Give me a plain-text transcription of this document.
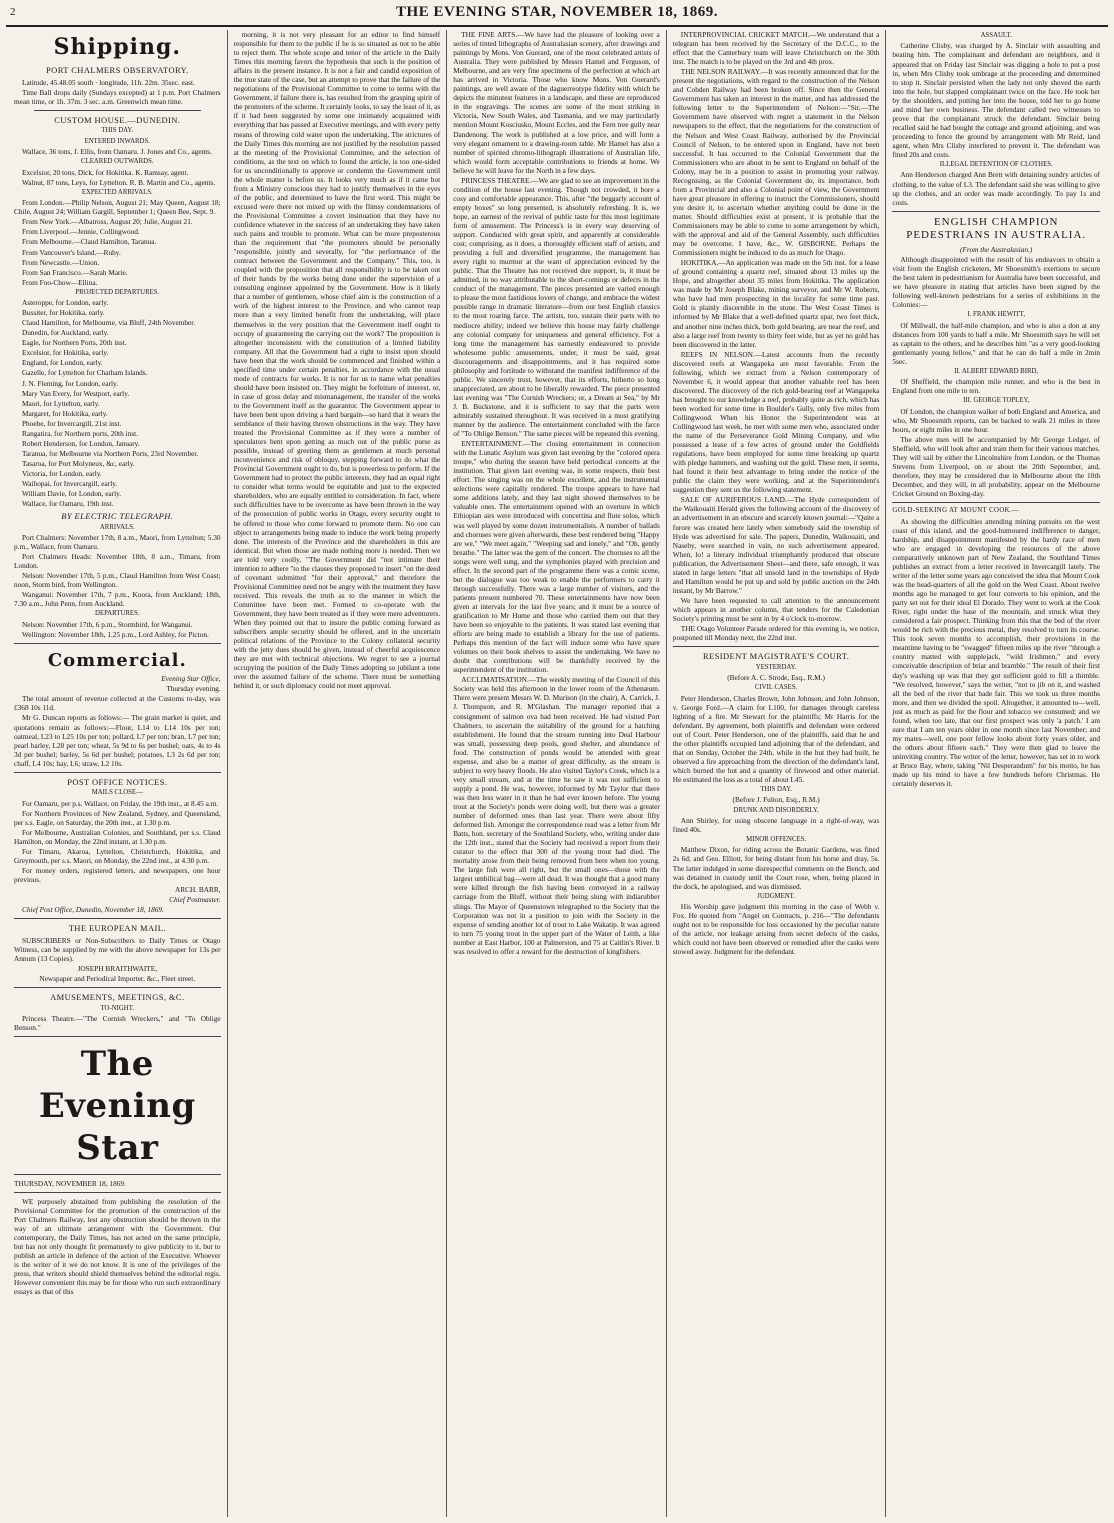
2	THE EVENING STAR, NOVEMBER 18, 1869.
Shipping.
PORT CHALMERS OBSERVATORY.

Latitude, 45.48.05 south · longitude, 11h. 22m. 35sec. east.

Time Ball drops daily (Sundays excepted) at 1 p.m. Port Chalmers mean time, or 1h. 37m. 3 sec. a.m. Greenwich mean time.

CUSTOM HOUSE.—DUNEDIN.
THIS DAY.
ENTERED INWARDS.

Wallace, 36 tons, J. Ellis, from Oamaru. J. Jones and Co., agents.

CLEARED OUTWARDS.

Excelsior, 20 tons, Dick, for Hokitika. K. Ramsay, agent.

Walnut, 87 tons, Leys, for Lyttelton. R. B. Martin and Co., agents.

EXPECTED ARRIVALS.

From London.—Philip Nelson, August 21; May Queen, August 18; Chile, August 24; William Gargill, September 1; Queen Bee, Sept. 9.

From New York.—Albatross, August 20; Julie, August 21.

From Liverpool.—Jennie, Collingwood.

From Melbourne.—Claud Hamilton, Taranua.

From Vancouver's Island.—Ruby.

From Newcastle.—Union.

From San Francisco.—Sarah Marie.

From Foo-Chow—Ellina.

PROJECTED DEPARTURES.

Asteroppe, for London, early.

Bussiter, for Hokitika, early.

Claud Hamilton, for Melbourne, via Bluff, 24th November.

Dunedin, for Auckland, early.

Eagle, for Northern Ports, 20th inst.

Excelsior, for Hokitika, early.

England, for London, early.

Gazelle, for Lyttelton for Chatham Islands.

J. N. Fleming, for London, early.

Mary Van Every, for Westport, early.

Maori, for Lyttelton, early.

Margaret, for Hokitika, early.

Phoebe, for Invercargill, 21st inst.

Rangatira, for Northern ports, 20th inst.

Robert Henderson, for London, January.

Taranua, for Melbourne via Northern Ports, 23rd November.

Tasaroa, for Port Molyneux, &c, early.

Victoria, for London, early.

Waihopai, for Invercargill, early.

William Davie, for London, early.

Wallace, for Oamaru, 19th inst.

BY ELECTRIC TELEGRAPH.
ARRIVALS.

Port Chalmers: November 17th, 8 a.m., Maori, from Lyttelton; 5.30 p.m., Wallace, from Oamaru.

Port Chalmers Heads: November 18th, 8 a.m., Timaru, from London.

Nelson: November 17th, 5 p.m., Claud Hamilton from West Coast; noon, Storm bird, from Wellington.

Wanganui: November 17th, 7 p.m., Koora, from Auckland; 18th, 7.30 a.m., John Penn, from Auckland.

DEPARTURES.

Nelson: November 17th, 6 p.m., Stormbird, for Wanganui.

Wellington: November 18th, 1.25 p.m., Lord Ashley, for Picton.

Commercial.

Evening Star Office,

Thursday evening.

The total amount of revenue collected at the Customs to-day, was £368 10s 11d.

Mr G. Duncan reports as follows:— The grain market is quiet, and quotations remain as follows:—Flour, L14 to L14 10s per ton; oatmeal, L23 to L25 10s per ton; pollard, L7 per ton; bran, L7 per ton; pearl barley, L28 per ton; wheat, 5s 9d to 6s per bushel; oats, 4s to 4s 3d per bushel; barley, 5s 6d per bushel; potatoes, L3 2s 6d per ton; chaff, L4 10s; hay, L6; straw, L2 10s.

POST OFFICE NOTICES.
MAILS CLOSE—

For Oamaru, per p.s. Wallace, on Friday, the 19th inst., at 8.45 a.m.

For Northern Provinces of New Zealand, Sydney, and Queensland, per s.s. Eagle, on Saturday, the 20th inst., at 1.30 p.m.

For Melbourne, Australian Colonies, and Southland, per s.s. Claud Hamilton, on Monday, the 22nd instant, at 1.30 p.m.

For Timaru, Akaroa, Lyttelton, Christchurch, Hokitika, and Greymouth, per s.s. Maori, on Monday, the 22nd inst., at 4.30 p.m.

For money orders, registered letters, and newspapers, one hour previous.

ARCH. BARR,

Chief Postmaster.

Chief Post Office, Dunedin, November 18, 1869.

THE EUROPEAN MAIL.

SUBSCRIBERS or Non-Subscribers to Daily Times or Otago Witness, can be supplied by me with the above newspaper for 13s per Annum (13 Copies).

JOSEPH BRAITHWAITE,

Newspaper and Periodical Importer, &c., Fleet street.

AMUSEMENTS, MEETINGS, &C.
TO-NIGHT.

Princess Theatre.—"The Cornish Wreckers," and "To Oblige Benson."

The Evening Star

THURSDAY, NOVEMBER 18, 1869.

WE purposely abstained from publishing the resolution of the Provisional Committee for the promotion of the construction of the Port Chalmers Railway, lest any obstruction should be thrown in the way of an ultimate arrangement with the Government. Our contemporary, the Daily Times, has not acted on the same principle, but has not only thought fit prematurely to give publicity to it, but to publish an article in defence of the action of the Executive. Whoever is the writer of it we do not know. It is one of the privileges of the press, that writers should shield themselves behind the editorial regis. However convenient this may be for those who run such extraordinary essays as that of this

morning, it is not very pleasant for an editor to find himself responsible for them to the public if he is so situated as not to be able to reject them. The whole scope and tenor of the article in the Daily Times this morning favors the hypothesis that such is the position of affairs in the present instance. It is not a fair and candid exposition of the true state of the case, but an attempt to prove that the failure of the negotiations of the Provisional Committee to come to terms with the Government, if failure there is, has resulted from the grasping spirit of the promoters of the scheme. It certainly looks, to say the least of it, as if it had been suggested by some one intimately acquainted with everything that has passed at Executive meetings, and with every petty means of throwing cold water upon the undertaking. The strictures of the Daily Times this morning are not justified by the resolution passed at the meeting of the Provisional Committee, and the selection of conditions, as the text on which to found the article, is too one-sided for us unconditionally to approve or condemn the Government until the whole matter is before us. It looks very much as if it came hot from a Ministry conscious they had to justify themselves in the eyes of the public, and determined to have the first word. This might be excused were there not mixed up with the flimsy condemnations of the Provisional Committee a covert insinuation that they have no confidence whatever in the success of an undertaking they have taken such pains and trouble to promote. What can be more preposterous than the requirement that "the promoters should be personally "responsible, jointly and severally, for "the performance of the contract between the Government and the Company." This, too, is coupled with the proposition that all responsibility is to be taken out of their hands by the works being done under the supervision of a consulting engineer appointed by the Government. How is it likely that a number of gentlemen, whose chief aim is the construction of a work of the highest interest to the Province, and who cannot reap more than a very limited benefit from the undertaking, will place themselves in the very position that the Government itself ought to occupy of guaranteeing the carrying out the work? The proposition is altogether inconsistent with the constitution of a limited liability company. All that the Government had a right to insist upon should have been that the work should be commenced and finished within a specified time under certain penalties, in accordance with the usual mode of contracts for works. It is not for us to name what penalties should have been insisted on. They might be forfeiture of interest, or, in case of gross delay and mismanagement, the transfer of the works to the Government itself as the guarantor. The Government appear to have been bent upon driving a hard bargain—so hard that it wears the semblance of their having thrown obstructions in the way. They have treated the Provisional Committee as if they were a number of speculators bent upon getting as much out of the public purse as possible, instead of greeting them as gentlemen at much personal inconvenience and risk of obloquy, stepping forward to do what the Provincial Government ought to do, but is powerless to perform. If the Government had to protect the public interests, they had an equal right to consider what terms would be equitable and just to the expected shareholders, who are equally entitled to consideration. In fact, where such difficulties have to be overcome as have been thrown in the way of the prosecution of public works in Otago, every security ought to be offered to those who come forward to promote them. No one can object to arrangements being made to induce the work being properly done. The interests of the Province and the shareholders in this are identical. But when those are made nothing more is needed. Then we are told very coolly, "The Government did "not intimate their intention to adhere "to the clauses they proposed to insert "on the deed of covenant submitted "for their approval," and therefore the Provisional Committee need not be angry with the treatment they have received. This reveals the truth as to the manner in which the Committee have been met. Formed to co-operate with the Government, they have been treated as if they were mere adventurers. When they pointed out that to insure the public coming forward as subscribers ample security should be offered, and in the uncertain political relations of the Province to the Colony collateral security with the jetty dues should be given, instead of cheerful acquiescence they are met with technical objections. We regret to see a journal occupying the position of the Daily Times adopting so jubilant a tone over the assumed failure of the scheme. There must be something behind it, or such diplomacy could not meet approval.

THE FINE ARTS.—We have had the pleasure of looking over a series of tinted lithographs of Australasian scenery, after drawings and paintings by Mons. Von Guerard, one of the most celebrated artists of Australia. They were published by Messrs Hamel and Ferguson, of Melbourne, and are very fine specimens of the perfection at which art has arrived in Victoria. Those who know Mons. Von Guerard's paintings, are well aware of the daguerreotype fidelity with which he depicts the minutest features in a landscape, and these are reproduced in the engravings. The scenes are some of the most striking in Victoria, New South Wales, and Tasmania, and we may particularly mention Mount Kosciusko, Mount Eccles, and the Fern tree gully near Dandenong. The work is published at a low price, and will form a very elegant ornament to a drawing-room table. Mr Hamel has also a number of spirited chromo-lithograph illustrations of Australian life, which would form acceptable contributions to friends at home. We believe he will leave for the North in a few days.

PRINCESS THEATRE.—We are glad to see an improvement in the condition of the house last evening. Though not crowded, it bore a cosy and comfortable appearance. This, after "the beggarly account of empty boxes" so long presented, is absolutely refreshing. It is, we hope, an earnest of the revival of public taste for this most legitimate form of amusement. The Princess's is in every way deserving of support. Conducted with great spirit, and apparently at considerable cost; comprising, as it does, a thoroughly efficient staff of artists, and providing a full and diversified programme, the management has every right to murmur at the want of appreciation evinced by the public. That the Theatre has not received due support, is, it must be admitted, in no way attributable to the short-comings or defects in the conduct of the management. The pieces presented are varied enough to please the most fastidious lovers of change, and embrace the widest possible range in dramatic literature—from our best English classics to the most roaring farce. The artists, too, sustain their parts with no mediocre ability; indeed we believe this house may fairly challenge any colonial company for uniqueness and general efficiency. For a long time the management has earnestly endeavored to provide wholesome public amusements, under, it must be said, great discouragements and disappointments, and it has required some philosophy and fortitude to withstand the manifest indifference of the public. We sincerely trust, however, that its efforts, hitherto so long unappreciated, are about to be liberally rewarded. The piece presented last evening was "The Cornish Wreckers; or, a Dream at Sea," by Mr J. B. Buckstone, and it is sufficient to say that the parts were admirably sustained throughout. It was received in a most gratifying manner by the audience. The entertainment concluded with the farce of "To Oblige Benson." The same pieces will be repeated this evening.

ENTERTAINMENT.—The closing entertainment in connection with the Lunatic Asylum was given last evening by the "colored opera troupe," who during the season have held periodical concerts at the institution. That given last evening was, in some respects, their best effort. The singing was on the whole excellent, and the instrumental selections were capitally rendered. The troupe appears to have had some additions lately, and they last night showed themselves to be valuable ones. The entertainment opened with an overture in which Ethiopian airs were introduced with concertina and flute solos, which was well played by some dozen instrumentalists. A number of ballads and choruses were given afterwards, these best rendered being "Happy are we," "We meet again," "Weeping sad and lonely," and "Oh, gently breathe." The latter was the gem of the concert. The choruses to all the songs were well sung, and the symphonies played with precision and effect. In the second part of the programme there was a comic scene, but the dialogue was too weak to enable the performers to carry it through successfully. There was a large number of visitors, and the patients present numbered 70. These entertainments have now been given at intervals for the last five years; and it must be a source of gratification to Mr Hume and those who carried them out that they have been so enjoyable to the patients. It was stated last evening that efforts are being made to establish a library for the use of patients. Perhaps this mention of the fact will induce some who have spare volumes on their book shelves to assist the undertaking. We have no doubt that contributions will be thankfully received by the superintendent of the institution.

ACCLIMATISATION.—The weekly meeting of the Council of this Society was held this afternoon in the lower room of the Athenæum. There were present Messrs W. D. Murison (in the chair), A. Carrick, J. J. Thompson, and R. M'Glashan. The manager reported that a consignment of salmon ova had been received. He had visited Port Chalmers, to ascertain the suitability of the ground for a hatching establishment. He found that the stream running into Deal Harbour was small, possessing deep pools, good shelter, and abundance of food. The construction of ponds would be attended with great expense, and also be a matter of great difficulty, as the stream is subject to very heavy floods. He also visited Taylor's Creek, which is a very small stream, and at the time he saw it was not sufficient to supply a pond. He was, however, informed by Mr Taylor that there was then less water in it than he had ever known before. The young trout at the Society's ponds were doing well, but there was a greater number of deformed ones than last year. There were about fifty deformed fish. Amongst the correspondence read was a letter from Mr Batts, hon. secretary of the Southland Society, who, writing under date the 12th inst., stated that the Society had received a report from their curator to the effect that 300 of the young trout had died. The mortality arose from their being removed from here when too young. The large fish were all right, but the small ones—those with the largest umbilical bag—were all dead. It was thought that a good many were killed through the fish having been conveyed in a railway carriage from the Bluff, without their being slung with indiarubber slings. The Mayor of Queenstown telegraphed to the Society that the Corporation was not in a position to join with the Society in the expense of sending another lot of trout to Lake Wakatip. It was agreed to turn 75 young trout in the upper part of the Water of Leith, a like number at East Harbor, 100 at Palmerston, and 75 at Caitlin's River. It was resolved to offer a reward for the destruction of kingfishers.

INTERPROVINCIAL CRICKET MATCH.—We understand that a telegram has been received by the Secretary of the D.C.C., to the effect that the Canterbury team will leave Christchurch on the 30th inst. The match is to be played on the 3rd and 4th prox.

THE NELSON RAILWAY.—It was recently announced that for the present the negotiations, with regard to the construction of the Nelson and Cobden Railway had been broken off. Since then the General Government has taken an interest in the matter, and has addressed the following letter to the Superintendent of Nelson:—"Sir,—The Government have observed with regret a statement in the Nelson newspapers to the effect, that the negotiations for the construction of the Nelson and West Coast Railway, authorised by the Provincial Council of Nelson, to be entered upon in England, have not been successful. It has occurred to the Colonial Government that the Commissioners who are about to be sent to England on behalf of the Colony, may be in a position to assist in promoting your railway. Recognising, as the Colonial Government do, its importance, both from a Provincial and also a Colonial point of view, the Government have great pleasure in offering to instruct the Commissioners, should you desire it, to ascertain whether anything could be done in the matter. Should difficulties exist at present, it is probable that the Commissioners may be able to come to some arrangement by which, with the approval and aid of the General Assembly, such difficulties may be overcome. I have, &c., W. GISBORNE. Perhaps the Commissioners might be induced to do as much for Otago.

HOKITIKA.—An application was made on the 5th inst. for a lease of ground containing a quartz reef, situated about 13 miles up the Hope, and altogether about 35 miles from Hokitika. The application was made by Mr Joseph Blake, mining surveyor, and Mr W. Roberts, who have had men prospecting in the locality for some time past. Gold is plainly discernible in the stone. The West Coast Times is informed by Mr Blake that a well-defined quartz spar, two feet thick, and another nine inches thick, both gold bearing, are near the reef, and also a large reef from twenty to thirty feet wide, but as yet no gold has been discovered in the latter.

REEFS IN NELSON.—Latest accounts from the recently discovered reefs at Wangapeka are most favorable. From the following, which we extract from a Nelson contemporary of November 6, it would appear that another valuable reef has been discovered. The discovery of the rich gold-bearing reef at Wangapeka has brought to our knowledge a reef, probably quite as rich, which has been worked for some time in Boulder's Gully, only five miles from Collingwood. When his Honor the Superintendent was at Collingwood last week, he met with some men who, associated under the name of the Perseverance Gold Mining Company, and who possessed a lease of a few acres of ground under the Goldfields regulations, have been employed for some time breaking up quartz with pledge hammers, and washing out the gold. These men, it seems, had found it their best advantage to bring under the notice of the public the claim they were working, and at the Superintendent's suggestion they sent us the following statement.

SALE OF AURIFEROUS LAND.—The Hyde correspondent of the Waikouaiti Herald gives the following account of the discovery of an advertisement in an obscure and scarcely known journal:—"Quite a furore was created here lately when somebody said the township of Hyde was advertised for sale. The papers, Dunedin, Waikouaiti, and Naseby, were searched in vain, no such advertisement appeared. When, lo! a literary individual triumphantly produced that obscure publication, the Advertisement Sheet—and there, safe enough, it was stated in large letters "that all unsold land in the townships of Hyde and Hamilton would be put up and sold by public auction on the 24th instant, by Mr Barrow."

We have been requested to call attention to the announcement which appears in another column, that tenders for the Caledonian Society's printing must be sent in by 4 o'clock to-morrow.

THE Otago Volunteer Parade ordered for this evening is, we notice, postponed till Monday next, the 22nd inst.

RESIDENT MAGISTRATE'S COURT.
YESTERDAY.

(Before A. C. Strode, Esq., R.M.)

CIVIL CASES.

Peter Henderson, Charles Brown, John Johnson, and John Johnson, v. George Ford.—A claim for L100, for damages through careless lighting of a fire. Mr Stewart for the plaintiffs; Mr Harris for the defendant. By agreement, both plaintiffs and defendant were ordered out of Court. Peter Henderson, one of the plaintiffs, said that he and the other plaintiffs occupied land adjoining that of the defendant, and that on Sunday, October the 24th, while in the hut they had built, he observed a fire approaching from the direction of the defendant's land, which burned the hut and a quantity of firewood and other material. He estimated the loss as a total of about L45.

THIS DAY.

(Before J. Fulton, Esq., R.M.)

DRUNK AND DISORDERLY.

Ann Shirley, for using obscene language in a right-of-way, was fined 40s.

MINOR OFFENCES.

Matthew Dixon, for riding across the Botanic Gardens, was fined 2s 6d; and Geo. Elliott, for being distant from his horse and dray, 5s. The latter indulged in some disrespectful comments on the Bench, and was detained in custody until the Court rose, when, being placed in the dock, he apologised, and was dismissed.

JUDGMENT.

His Worship gave judgment this morning in the case of Webb v. Fox. He quoted from "Angel on Contracts, p. 216—"The defendants ought not to be responsible for loss occasioned by the peculiar nature of the article, nor leakage arising from secret defects of the casks, which could not have been observed or remedied after the casks were stowed away. Judgment for the defendant.

ASSAULT.

Catherine Clisby, was charged by A. Sinclair with assaulting and beating him. The complainant and defendant are neighbors, and it appeared that on Friday last Sinclair was digging a hole to put a post in, when Mrs Clisby took umbrage at the proceeding and determined to stop it. Sinclair persisted when the lady not only shoved the earth into the hole, but slapped complainant twice on the face. He took her by the shoulders, and putting her into the house, told her to go home and mind her own business. The defendant called two witnesses to prove that the complainant struck the defendant. Sinclair being recalled said he had bought the cottage and ground adjoining, and was proceeding to fence the ground by arrangement with Mr Reid, land agent, when Mrs Clisby interfered to prevent it. The defendant was fined 20s and costs.

ILLEGAL DETENTION OF CLOTHES.

Ann Henderson charged Ann Brett with detaining sundry articles of clothing, to the value of L3. The defendant said she was willing to give up the clothes, and an order was made accordingly. To pay 1s and costs.

ENGLISH CHAMPION PEDESTRIANS IN AUSTRALIA.

(From the Australasian.)

Although disappointed with the result of his endeavors to obtain a visit from the English cricketers, Mr Shoesmith's exertions to secure the best talent in pedestrianism for Australia have been successful, and we have pleasure in stating that articles have been signed by the following well-known pedestrians for a series of exhibitions in the Colonies:—

I. FRANK HEWITT,

Of Millwall, the half-mile champion, and who is also a don at any distances from 100 yards to half a mile. Mr Shoesmith says he will set as captain to the others, and he describes him "as a very good-looking gentlemanly young fellow," and that he can do half a mile in 2min 5sec.

II. ALBERT EDWARD BIRD,

Of Sheffield, the champion mile runner, and who is the best in England from one mile to ten.

III. GEORGE TOPLEY,

Of London, the champion walker of both England and America, and who, Mr Shoesmith reports, can be backed to walk 21 miles in three hours, or eight miles in one hour.

The above men will be accompanied by Mr George Ledger, of Sheffield, who will look after and train them for their various matches. They will sail by either the Lincolnshire from London, or the Thomas Stevens from Liverpool, on or about the 20th September, and, therefore, they may be considered due in Melbourne about the 10th December, and they will, in all probability, appear on the Melbourne Cricket Ground on Boxing-day.

GOLD-SEEKING AT MOUNT COOK.—

As showing the difficulties attending mining pursuits on the west coast of this island, and the good-humoured indifference to danger, hardship, and disappointment manifested by the hardy race of men who are engaged in developing the resources of the above comparatively unknown part of New Zealand, the Southland Times publishes an extract from a letter received in Invercargill lately. The writer of the letter some years ago conceived the idea that Mount Cook was the head-quarters of all the gold on the West Coast. About twelve months ago he managed to get four converts to his opinion, and the party set out for their ideal El Dorado. They went to work at the Cook River, right under the base of the mountain, and struck what they considered a fair prospect. Thinking from this that the bed of the river would be rich with the precious metal, they resolved to turn its course. This took seven months to accomplish, their provisions in the meantime having to be "swagged" fifteen miles up the river "through a country matted with supplejack, "wild Irishmen," and every conceivable description of briar and bramble." The result of their first day's washing up was that they got sufficient gold to fill a thimble. "We resolved, however," says the writer, "not to jib on it, and washed all the bed of the river that bade fair. This we took us three months more, and then we divided the spoil. Altogether, it amounted to—well, just as much as paid for the flour and tobacco we consumed; and we found, when too late, that our first prospect was only 'a patch.' I am sure that I am ten years older in one month since last November; and my mates—well, one poor fellow looks about forty years older, and the others about fifteen each." They were then glad to leave the uninviting country. The writer of the letter, however, has set in to work at Bruce Bay, where, taking "Nil Desperandum" for his motto, he has made up his mind to have a few hundreds before Christmas. He certainly deserves it.
